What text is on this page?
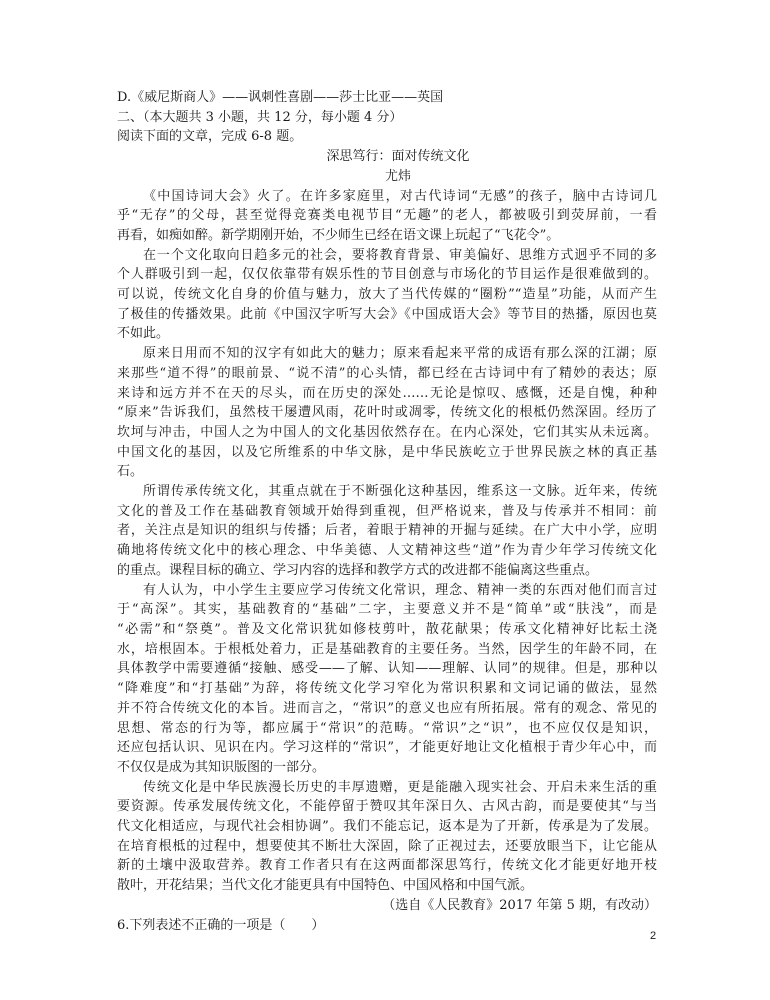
D.《威尼斯商人》——讽刺性喜剧——莎士比亚——英国
二、（本大题共 3 小题，共 12 分，每小题 4 分）
阅读下面的文章，完成 6-8 题。
深思笃行：面对传统文化
尤炜

《中国诗词大会》火了。在许多家庭里，对古代诗词“无感”的孩子，脑中古诗词几
乎“无存”的父母，甚至觉得竞赛类电视节目“无趣”的老人，都被吸引到荧屏前，一看
再看，如痴如醉。新学期刚开始，不少师生已经在语文课上玩起了“飞花令”。

在一个文化取向日趋多元的社会，要将教育背景、审美偏好、思维方式迥乎不同的多
个人群吸引到一起，仅仅依靠带有娱乐性的节目创意与市场化的节目运作是很难做到的。
可以说，传统文化自身的价值与魅力，放大了当代传媒的“圈粉”“造星”功能，从而产生
了极佳的传播效果。此前《中国汉字听写大会》《中国成语大会》等节目的热播，原因也莫
不如此。

原来日用而不知的汉字有如此大的魅力；原来看起来平常的成语有那么深的江湖；原
来那些“道不得”的眼前景、“说不清”的心头情，都已经在古诗词中有了精妙的表达；原
来诗和远方并不在天的尽头，而在历史的深处……无论是惊叹、感慨，还是自愧，种种
“原来”告诉我们，虽然枝干屡遭风雨，花叶时或凋零，传统文化的根柢仍然深固。经历了
坎坷与冲击，中国人之为中国人的文化基因依然存在。在内心深处，它们其实从未远离。
中国文化的基因，以及它所维系的中华文脉，是中华民族屹立于世界民族之林的真正基
石。

所谓传承传统文化，其重点就在于不断强化这种基因，维系这一文脉。近年来，传统
文化的普及工作在基础教育领域开始得到重视，但严格说来，普及与传承并不相同：前
者，关注点是知识的组织与传播；后者，着眼于精神的开掘与延续。在广大中小学，应明
确地将传统文化中的核心理念、中华美德、人文精神这些“道”作为青少年学习传统文化
的重点。课程目标的确立、学习内容的选择和教学方式的改进都不能偏离这些重点。

有人认为，中小学生主要应学习传统文化常识，理念、精神一类的东西对他们而言过
于“高深”。其实，基础教育的“基础”二字，主要意义并不是“简单”或“肤浅”，而是
“必需”和“祭奠”。普及文化常识犹如修枝剪叶，散花献果；传承文化精神好比耘土浇
水，培根固本。于根柢处着力，正是基础教育的主要任务。当然，因学生的年龄不同，在
具体教学中需要遵循“接触、感受——了解、认知——理解、认同”的规律。但是，那种以
“降难度”和“打基础”为辞，将传统文化学习窄化为常识积累和文词记诵的做法，显然
并不符合传统文化的本旨。进而言之，“常识”的意义也应有所拓展。常有的观念、常见的
思想、常态的行为等，都应属于“常识”的范畴。“常识”之“识”，也不应仅仅是知识，
还应包括认识、见识在内。学习这样的“常识”，才能更好地让文化植根于青少年心中，而
不仅仅是成为其知识版图的一部分。

传统文化是中华民族漫长历史的丰厚遗赠，更是能融入现实社会、开启未来生活的重
要资源。传承发展传统文化，不能停留于赞叹其年深日久、古风古韵，而是要使其“与当
代文化相适应，与现代社会相协调”。我们不能忘记，返本是为了开新，传承是为了发展。
在培育根柢的过程中，想要使其不断壮大深固，除了正视过去，还要放眼当下，让它能从
新的土壤中汲取营养。教育工作者只有在这两面都深思笃行，传统文化才能更好地开枝
散叶，开花结果；当代文化才能更具有中国特色、中国风格和中国气派。

（选自《人民教育》2017 年第 5 期，有改动）
6.下列表述不正确的一项是（　　）
2
